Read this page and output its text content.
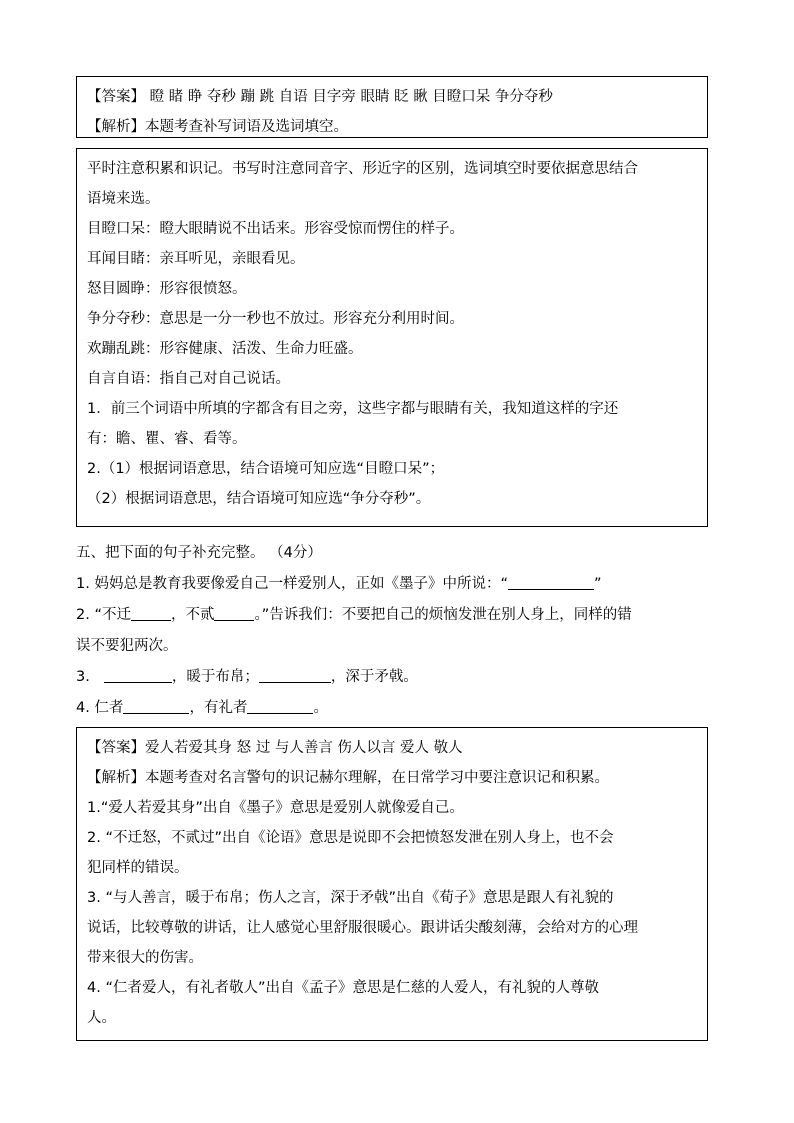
【答案】 瞪 睹 睁 夺秒 蹦 跳 自语 目字旁 眼睛 眨 瞅 目瞪口呆 争分夺秒
【解析】本题考查补写词语及选词填空。
平时注意积累和识记。书写时注意同音字、形近字的区别，选词填空时要依据意思结合
语境来选。
目瞪口呆：瞪大眼睛说不出话来。形容受惊而愣住的样子。
耳闻目睹：亲耳听见，亲眼看见。
怒目圆睁：形容很愤怒。
争分夺秒：意思是一分一秒也不放过。形容充分利用时间。
欢蹦乱跳：形容健康、活泼、生命力旺盛。
自言自语：指自己对自己说话。
1．前三个词语中所填的字都含有目之旁，这些字都与眼睛有关，我知道这样的字还
有：瞻、瞿、睿、看等。
2.（1）根据词语意思，结合语境可知应选“目瞪口呆”；
（2）根据词语意思，结合语境可知应选“争分夺秒”。
五、把下面的句子补充完整。 （4分）
1. 妈妈总是教育我要像爱自己一样爱别人，正如《墨子》中所说：“	”
2. “不迁	，不贰	。”告诉我们：不要把自己的烦恼发泄在别人身上，同样的错
误不要犯两次。
3.	，暖于布帛；	，深于矛戟。
4. 仁者	，有礼者	。
【答案】爱人若爱其身 怒 过 与人善言 伤人以言 爱人 敬人
【解析】本题考查对名言警句的识记赫尔理解，在日常学习中要注意识记和积累。
1.“爱人若爱其身”出自《墨子》意思是爱别人就像爱自己。
2. “不迁怒，不贰过”出自《论语》意思是说即不会把愤怒发泄在别人身上，也不会
犯同样的错误。
3. “与人善言，暖于布帛；伤人之言，深于矛戟”出自《荀子》意思是跟人有礼貌的
说话，比较尊敬的讲话，让人感觉心里舒服很暖心。跟讲话尖酸刻薄，会给对方的心理
带来很大的伤害。
4. “仁者爱人，有礼者敬人”出自《孟子》意思是仁慈的人爱人，有礼貌的人尊敬
人。
